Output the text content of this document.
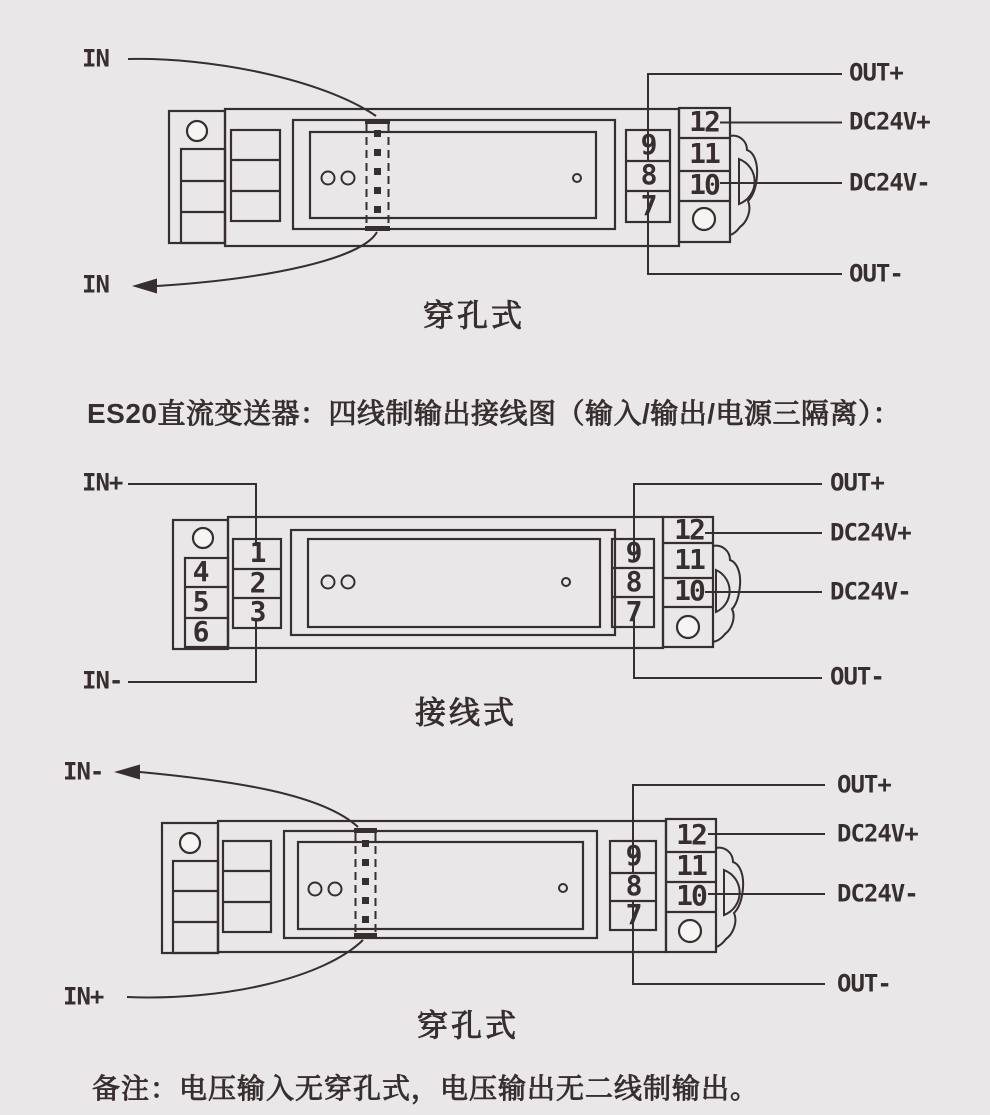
IN
IN
OUT+
DC24V+
DC24V-
OUT-
9
8
7
12
11
10
穿孔式
ES20直流变送器：四线制输出接线图（输入/输出/电源三隔离）：
IN+
IN-
OUT+
DC24V+
DC24V-
OUT-
1
2
3
4
5
6
9
8
7
12
11
10
接线式
IN-
IN+
OUT+
DC24V+
DC24V-
OUT-
9
8
7
12
11
10
穿孔式
备注：电压输入无穿孔式，电压输出无二线制输出。
